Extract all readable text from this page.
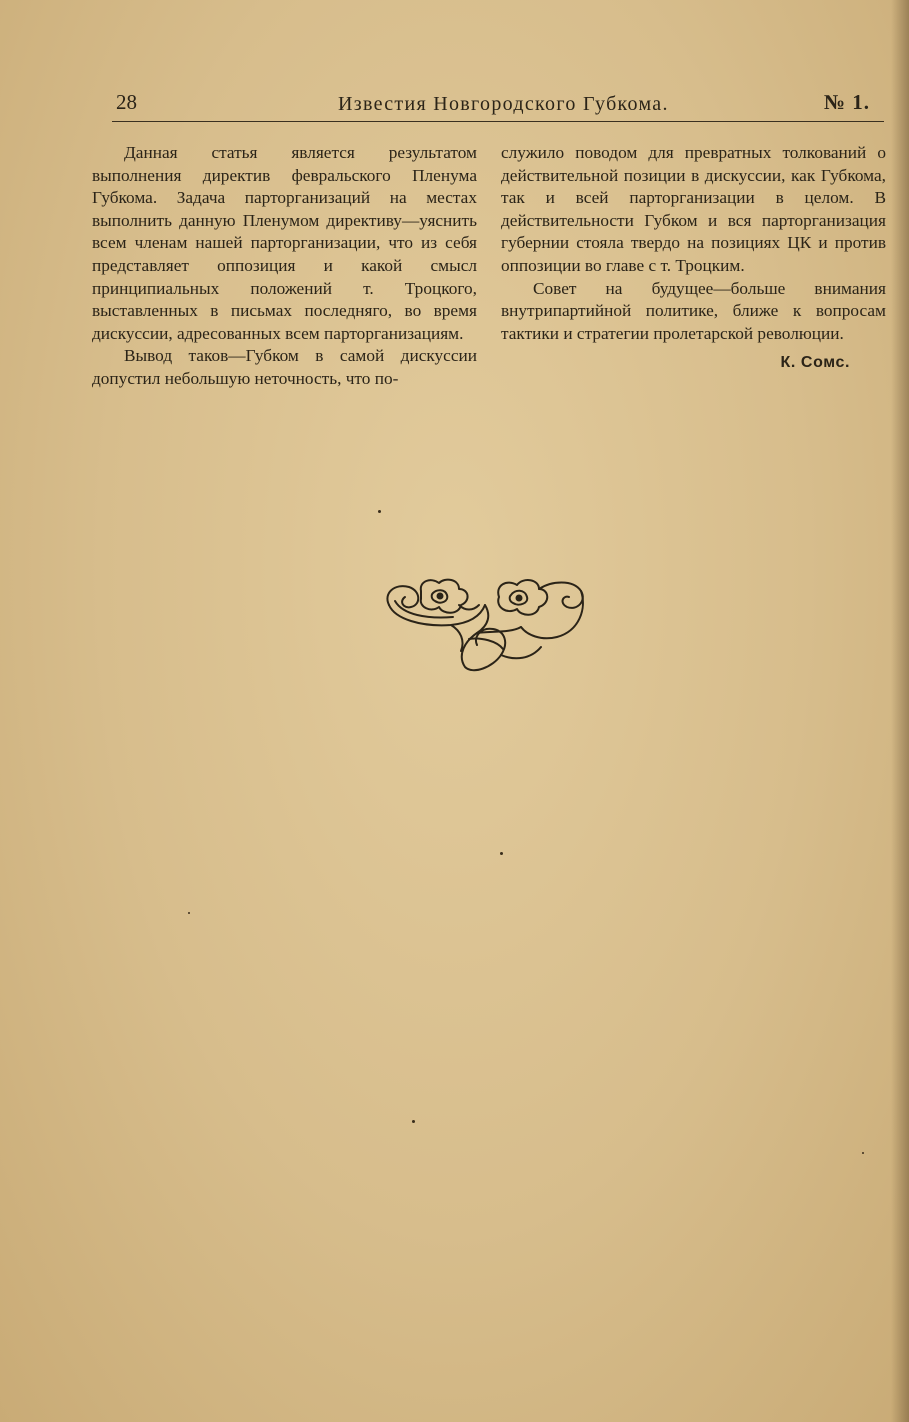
28	Известия Новгородского Губкома.	№ 1.

Данная статья является результатом выполнения директив февральского Пленума Губкома. Задача парторганизаций на местах выполнить данную Пленумом директиву—уяснить всем членам нашей парторганизации, что из себя представляет оппозиция и какой смысл принципиальных положений т. Троцкого, выставленных в письмах последняго, во время дискуссии, адресованных всем парторганизациям.

Вывод таков—Губком в самой дискуссии допустил небольшую неточность, что по-

служило поводом для превратных толкований о действительной позиции в дискуссии, как Губкома, так и всей парторганизации в целом. В действительности Губком и вся парторганизация губернии стояла твердо на позициях ЦК и против оппозиции во главе с т. Троцким.

Совет на будущее—больше внимания внутрипартийной политике, ближе к вопросам тактики и стратегии пролетарской революции.

К. Сомс.
